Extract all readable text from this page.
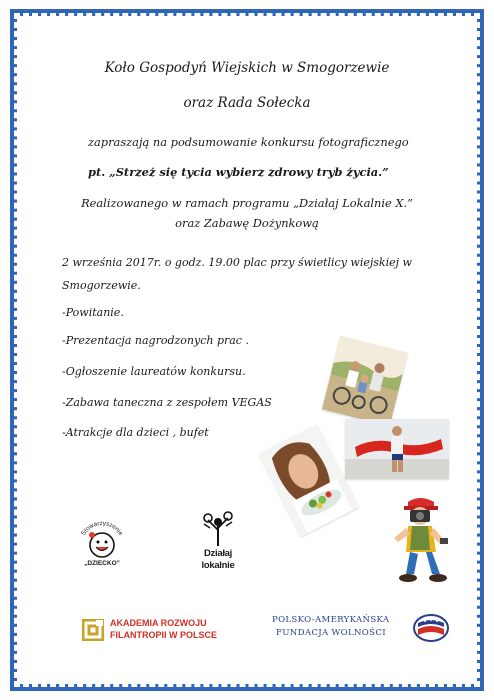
Koło Gospodyń Wiejskich w Smogorzewie
oraz Rada Sołecka
zapraszają na podsumowanie konkursu fotograficznego
pt. „Strzeż się tycia wybierz zdrowy tryb życia.”
Realizowanego w ramach programu „Działaj Lokalnie X.”
oraz Zabawę Dożynkową
2 września 2017r. o godz. 19.00 plac przy świetlicy wiejskiej w
Smogorzewie.
-Powitanie.
-Prezentacja nagrodzonych prac .
-Ogłoszenie laureatów konkursu.
-Zabawa taneczna z zespołem VEGAS
-Atrakcje dla dzieci , bufet
Stowarzyszenie
„DZIECKO”
Działaj
lokalnie
AKADEMIA ROZWOJU
FILANTROPII W POLSCE
POLSKO-AMERYKAŃSKA
FUNDACJA WOLNOŚCI
